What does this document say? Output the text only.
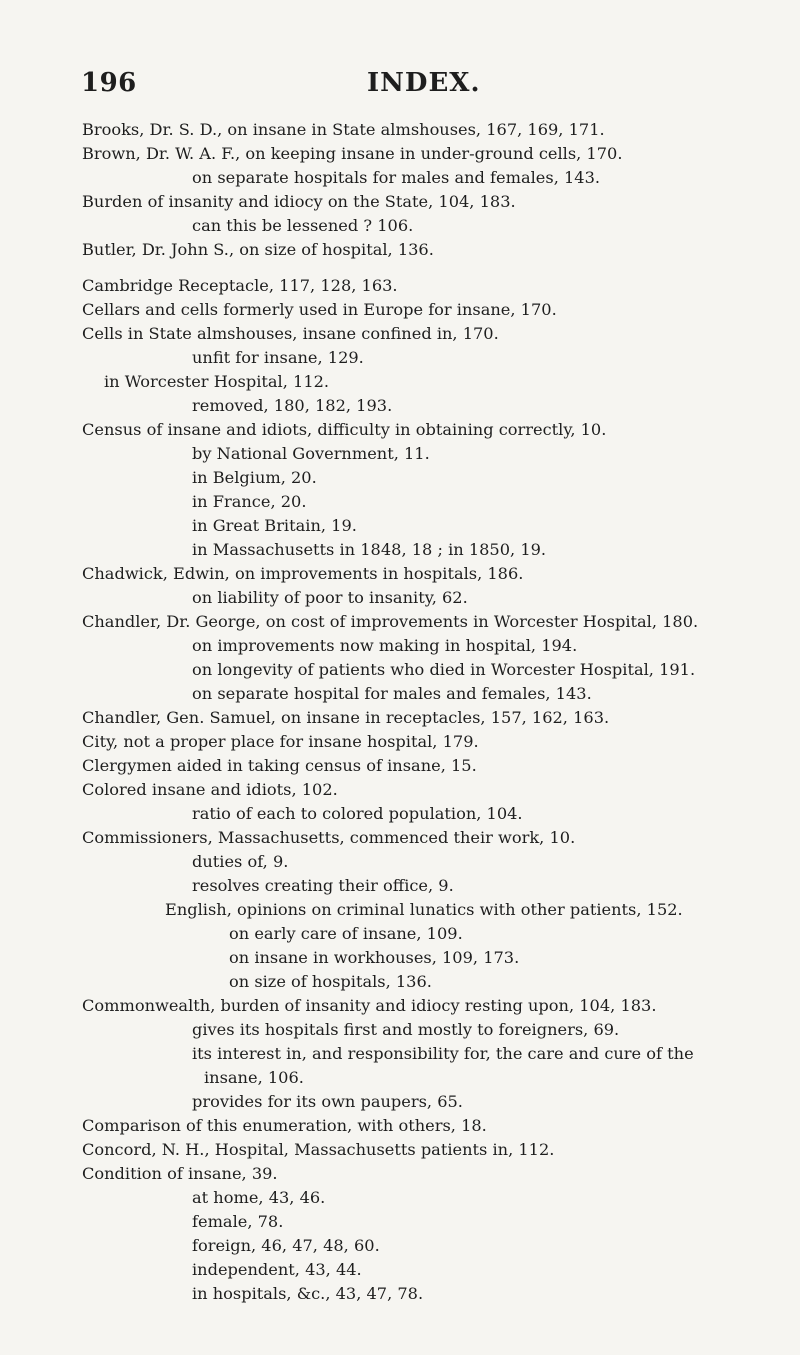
196	INDEX.
Brooks, Dr. S. D., on insane in State almshouses, 167, 169, 171.
Brown, Dr. W. A. F., on keeping insane in under-ground cells, 170.
on separate hospitals for males and females, 143.
Burden of insanity and idiocy on the State, 104, 183.
can this be lessened ? 106.
Butler, Dr. John S., on size of hospital, 136.
Cambridge Receptacle, 117, 128, 163.
Cellars and cells formerly used in Europe for insane, 170.
Cells in State almshouses, insane confined in, 170.
unfit for insane, 129.
in Worcester Hospital, 112.
removed, 180, 182, 193.
Census of insane and idiots, difficulty in obtaining correctly, 10.
by National Government, 11.
in Belgium, 20.
in France, 20.
in Great Britain, 19.
in Massachusetts in 1848, 18 ; in 1850, 19.
Chadwick, Edwin, on improvements in hospitals, 186.
on liability of poor to insanity, 62.
Chandler, Dr. George, on cost of improvements in Worcester Hospital, 180.
on improvements now making in hospital, 194.
on longevity of patients who died in Worcester Hospital, 191.
on separate hospital for males and females, 143.
Chandler, Gen. Samuel, on insane in receptacles, 157, 162, 163.
City, not a proper place for insane hospital, 179.
Clergymen aided in taking census of insane, 15.
Colored insane and idiots, 102.
ratio of each to colored population, 104.
Commissioners, Massachusetts, commenced their work, 10.
duties of, 9.
resolves creating their office, 9.
English, opinions on criminal lunatics with other patients, 152.
on early care of insane, 109.
on insane in workhouses, 109, 173.
on size of hospitals, 136.
Commonwealth, burden of insanity and idiocy resting upon, 104, 183.
gives its hospitals first and mostly to foreigners, 69.
its interest in, and responsibility for, the care and cure of the
insane, 106.
provides for its own paupers, 65.
Comparison of this enumeration, with others, 18.
Concord, N. H., Hospital, Massachusetts patients in, 112.
Condition of insane, 39.
at home, 43, 46.
female, 78.
foreign, 46, 47, 48, 60.
independent, 43, 44.
in hospitals, &c., 43, 47, 78.
